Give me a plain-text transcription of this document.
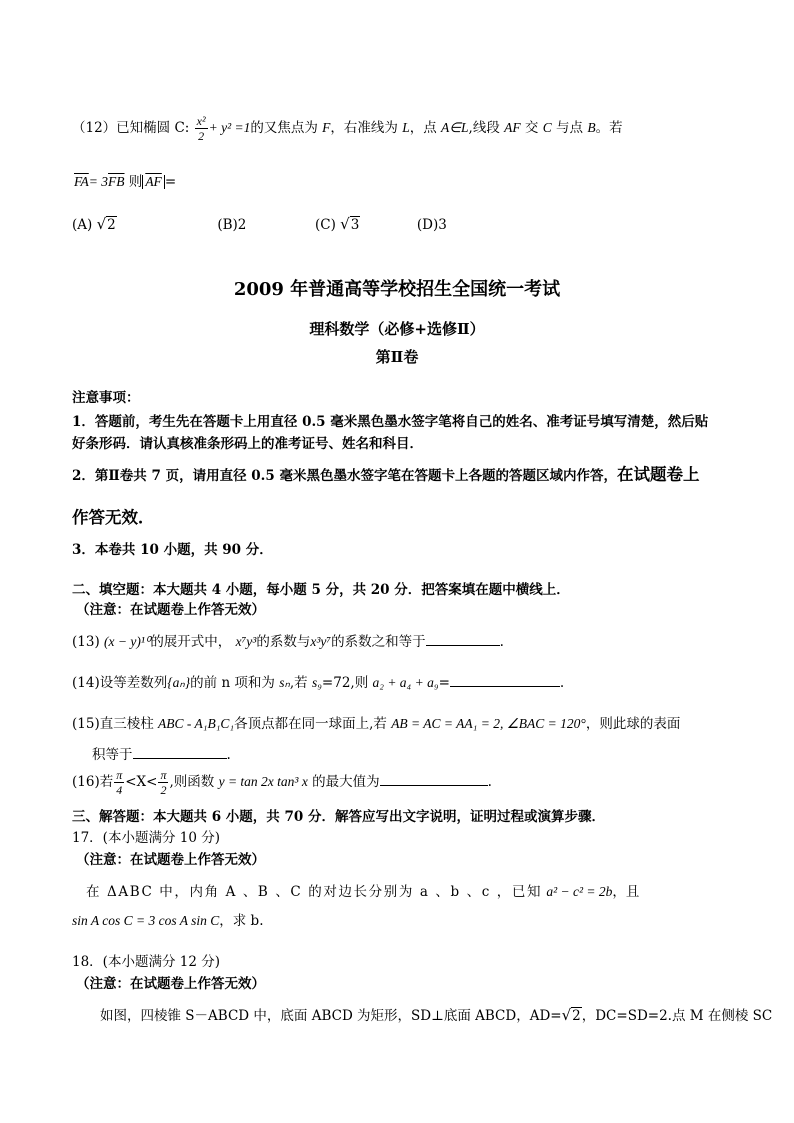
（12）已知椭圆 C: $\frac{\text{x²}}{2} + y^2 =1$的又焦点为 F，右准线为 L，点 A∈L,线段 AF 交 C 与点 B。若
$\overline{FA}= 3\overline{FB}$ 则 $\overline{AF}$ =
(A) √2	(B)2	(C) √3	(D)3
2009 年普通高等学校招生全国统一考试
理科数学（必修+选修Ⅱ）
第Ⅱ卷
注意事项：
1．答题前，考生先在答题卡上用直径 0.5 毫米黑色墨水签字笔将自己的姓名、准考证号填写清楚，然后贴
好条形码．请认真核准条形码上的准考证号、姓名和科目．
2．第Ⅱ卷共 7 页，请用直径 0.5 毫米黑色墨水签字笔在答题卡上各题的答题区域内作答，在试题卷上
作答无效．
3．本卷共 10 小题，共 90 分．
二、填空题：本大题共 4 小题，每小题 5 分，共 20 分．把答案填在题中横线上．
（注意：在试题卷上作答无效）
(13) (x − y)¹⁰的展开式中， x⁷y³的系数与x³y⁷的系数之和等于	.
(14)设等差数列{aₙ}的前 n 项和为 sₙ,若 s₉=72,则 a₂ + a₄ + a₉=	.
(15)直三棱柱 ABC - A₁B₁C₁各顶点都在同一球面上,若 AB = AC = AA₁ = 2, ∠BAC = 120°，则此球的表面
积等于	.
(16)若 $\frac{\pi}{4} <X< \frac{\pi}{2}$ ,则函数 y = tan 2x tan³ x 的最大值为	.
三、解答题：本大题共 6 小题，共 70 分．解答应写出文字说明，证明过程或演算步骤．
17．(本小题满分 10 分)
（注意：在试题卷上作答无效）
在 ΔABC 中，内角 A 、B 、C 的对边长分别为 a 、b 、c ，已知 a² − c² = 2b，且
sin A cos C = 3 cos A sin C，求 b.
18．(本小题满分 12 分)
（注意：在试题卷上作答无效）
如图，四棱锥 S－ABCD 中，底面 ABCD 为矩形，SD⊥底面 ABCD，AD=√2，DC=SD=2.点 M 在侧棱 SC
